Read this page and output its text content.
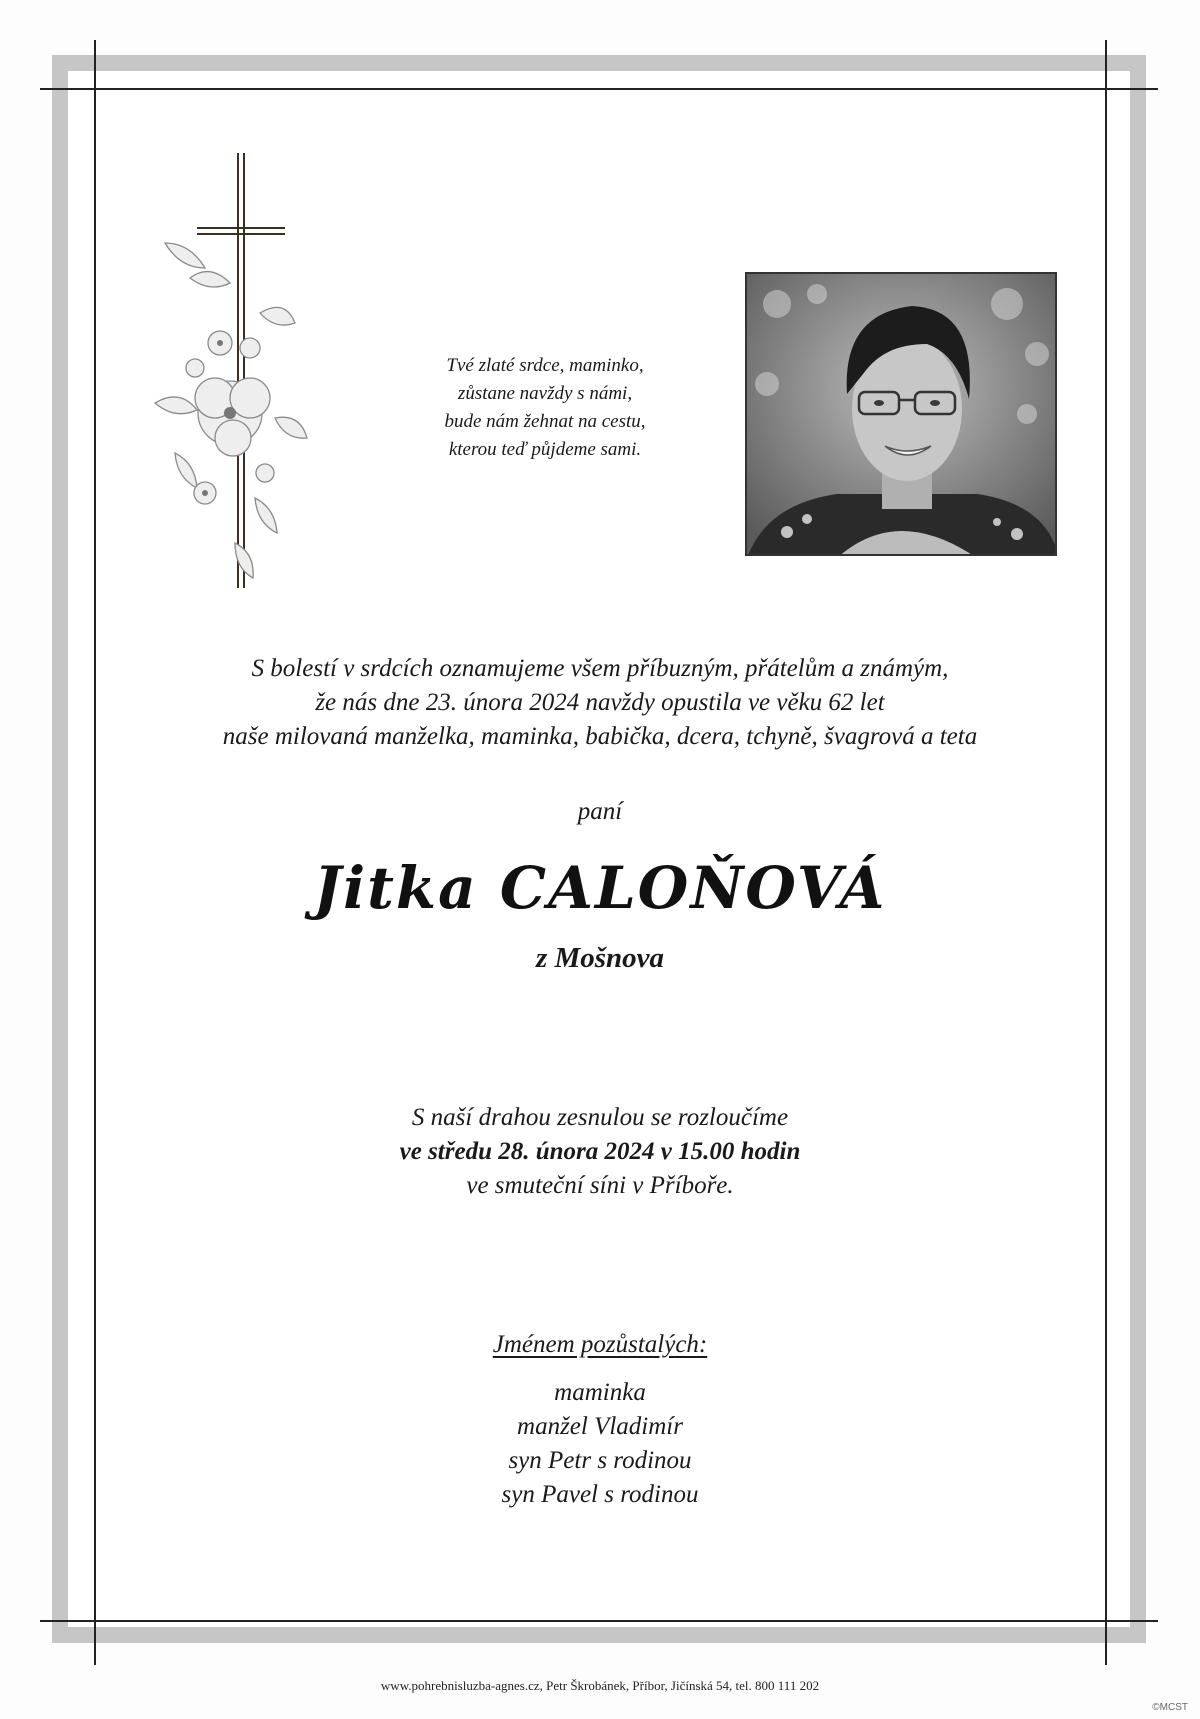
Tvé zlaté srdce, maminko,
zůstane navždy s námi,
bude nám žehnat na cestu,
kterou teď půjdeme sami.
S bolestí v srdcích oznamujeme všem příbuzným, přátelům a známým,
že nás dne 23. února 2024 navždy opustila ve věku 62 let
naše milovaná manželka, maminka, babička, dcera, tchyně, švagrová a teta
paní
Jitka CALOŇOVÁ
z Mošnova
S naší drahou zesnulou se rozloučíme
ve středu 28. února 2024 v 15.00 hodin
ve smuteční síni v Příboře.
Jménem pozůstalých:
maminka
manžel Vladimír
syn Petr s rodinou
syn Pavel s rodinou
www.pohrebnisluzba-agnes.cz, Petr Škrobánek, Příbor, Jičínská 54, tel. 800 111 202
©MCST
